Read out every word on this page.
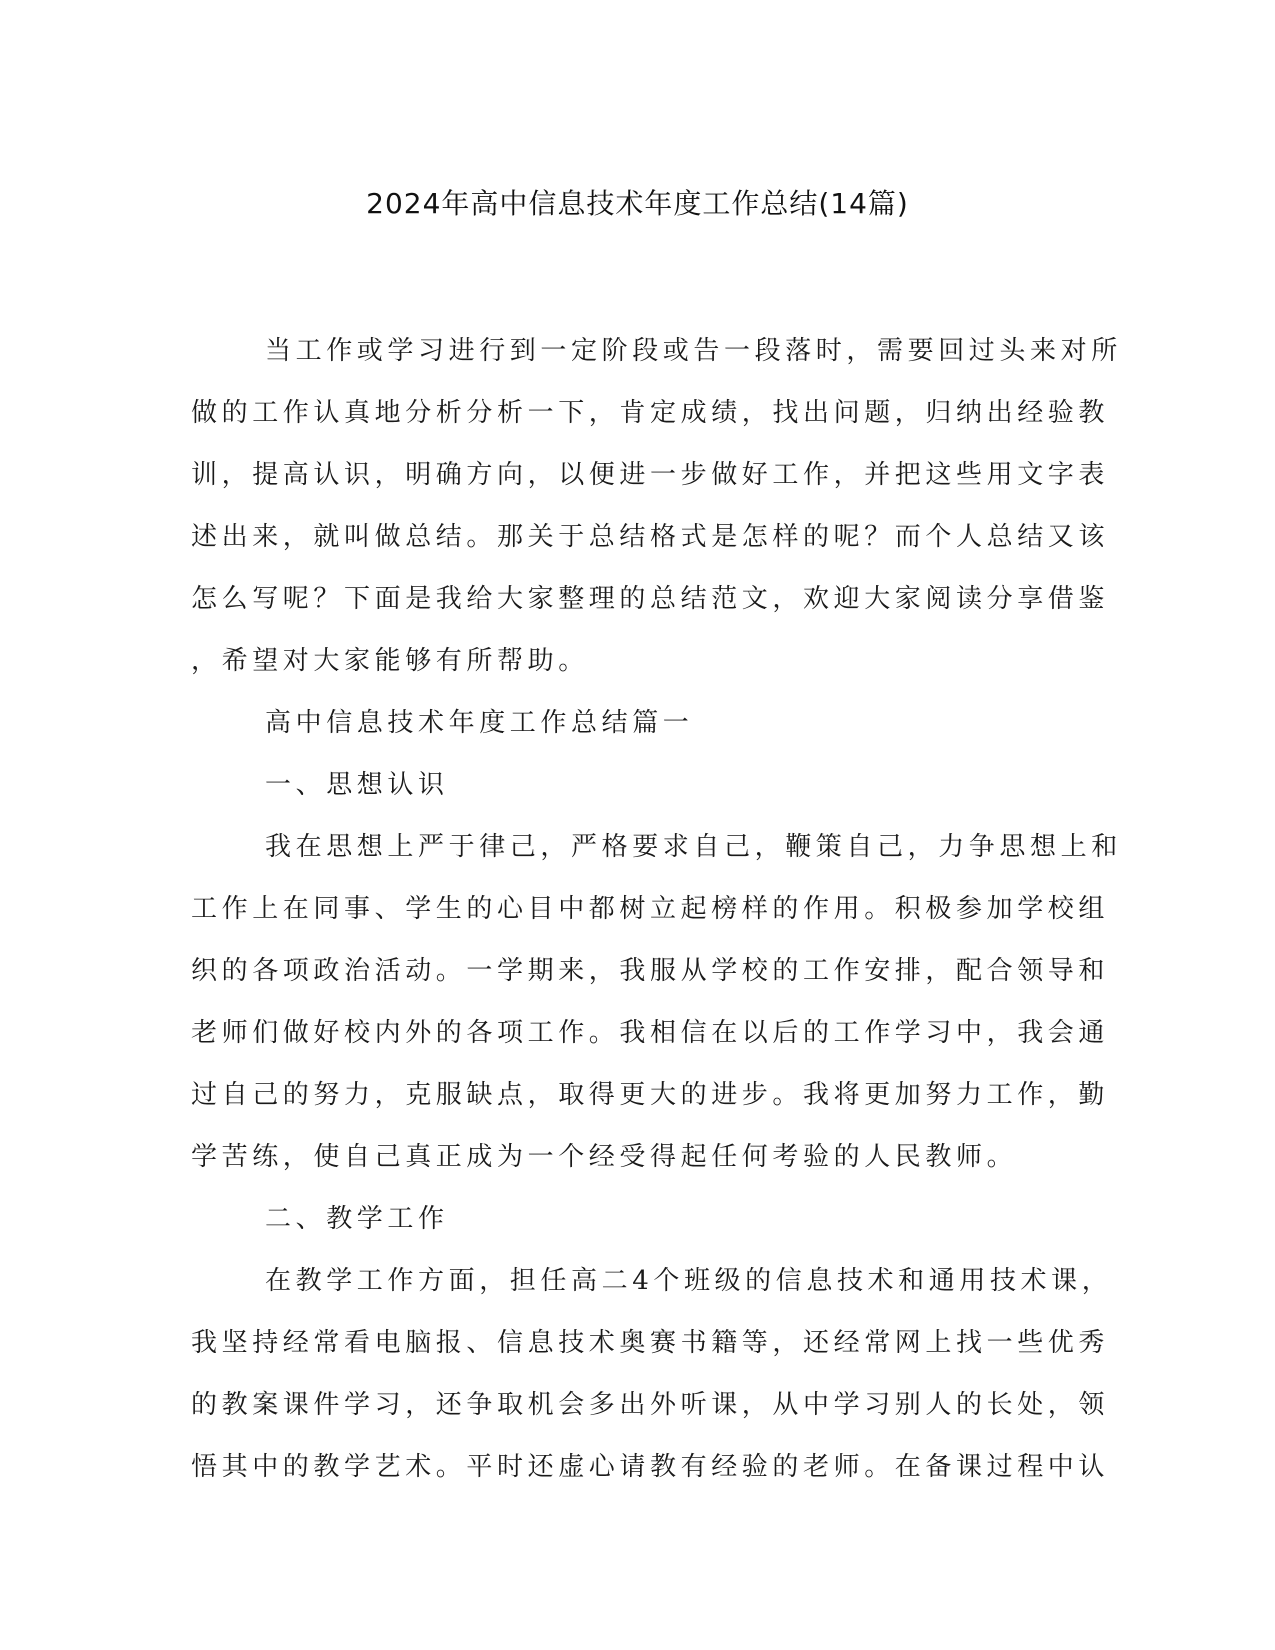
2024年高中信息技术年度工作总结(14篇)
当工作或学习进行到一定阶段或告一段落时，需要回过头来对所
做的工作认真地分析分析一下，肯定成绩，找出问题，归纳出经验教
训，提高认识，明确方向，以便进一步做好工作，并把这些用文字表
述出来，就叫做总结。那关于总结格式是怎样的呢？而个人总结又该
怎么写呢？下面是我给大家整理的总结范文，欢迎大家阅读分享借鉴
，希望对大家能够有所帮助。
高中信息技术年度工作总结篇一
一、思想认识
我在思想上严于律己，严格要求自己，鞭策自己，力争思想上和
工作上在同事、学生的心目中都树立起榜样的作用。积极参加学校组
织的各项政治活动。一学期来，我服从学校的工作安排，配合领导和
老师们做好校内外的各项工作。我相信在以后的工作学习中，我会通
过自己的努力，克服缺点，取得更大的进步。我将更加努力工作，勤
学苦练，使自己真正成为一个经受得起任何考验的人民教师。
二、教学工作
在教学工作方面，担任高二4个班级的信息技术和通用技术课，
我坚持经常看电脑报、信息技术奥赛书籍等，还经常网上找一些优秀
的教案课件学习，还争取机会多出外听课，从中学习别人的长处，领
悟其中的教学艺术。平时还虚心请教有经验的老师。在备课过程中认
